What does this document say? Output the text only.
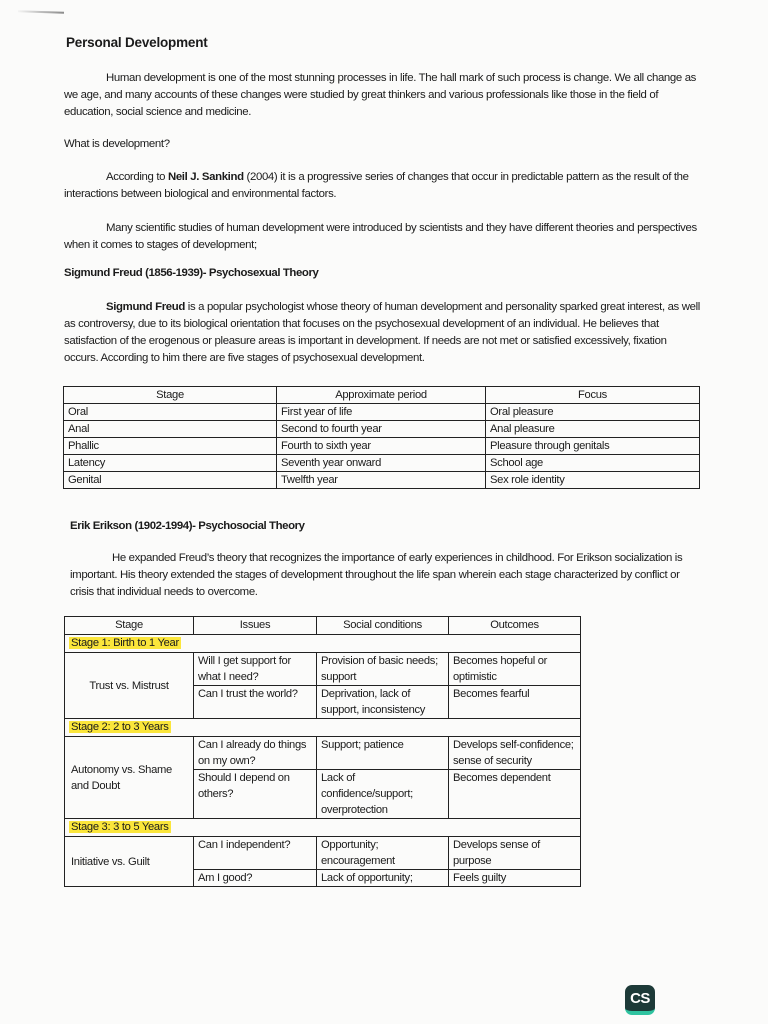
Personal Development

Human development is one of the most stunning processes in life. The hall mark of such process is change. We all change as we age, and many accounts of these changes were studied by great thinkers and various professionals like those in the field of education, social science and medicine.

What is development?

According to Neil J. Sankind (2004) it is a progressive series of changes that occur in predictable pattern as the result of the interactions between biological and environmental factors.

Many scientific studies of human development were introduced by scientists and they have different theories and perspectives when it comes to stages of development;

Sigmund Freud (1856-1939)- Psychosexual Theory

Sigmund Freud is a popular psychologist whose theory of human development and personality sparked great interest, as well as controversy, due to its biological orientation that focuses on the psychosexual development of an individual. He believes that satisfaction of the erogenous or pleasure areas is important in development. If needs are not met or satisfied excessively, fixation occurs. According to him there are five stages of psychosexual development.

Stage	Approximate period	Focus
Oral	First year of life	Oral pleasure
Anal	Second to fourth year	Anal pleasure
Phallic	Fourth to sixth year	Pleasure through genitals
Latency	Seventh year onward	School age
Genital	Twelfth year	Sex role identity

Erik Erikson (1902-1994)- Psychosocial Theory

He expanded Freud’s theory that recognizes the importance of early experiences in childhood. For Erikson socialization is important. His theory extended the stages of development throughout the life span wherein each stage characterized by conflict or crisis that individual needs to overcome.

Stage	Issues	Social conditions	Outcomes
Stage 1: Birth to 1 Year			
Trust vs. Mistrust	Will I get support for what I need?	Provision of basic needs; support	Becomes hopeful or optimistic
	Can I trust the world?	Deprivation, lack of support, inconsistency	Becomes fearful
Stage 2: 2 to 3 Years			
Autonomy vs. Shame and Doubt	Can I already do things on my own?	Support; patience	Develops self-confidence; sense of security
	Should I depend on others?	Lack of confidence/support; overprotection	Becomes dependent
Stage 3: 3 to 5 Years			
Initiative vs. Guilt	Can I independent?	Opportunity; encouragement	Develops sense of purpose
	Am I good?	Lack of opportunity;	Feels guilty
CS
